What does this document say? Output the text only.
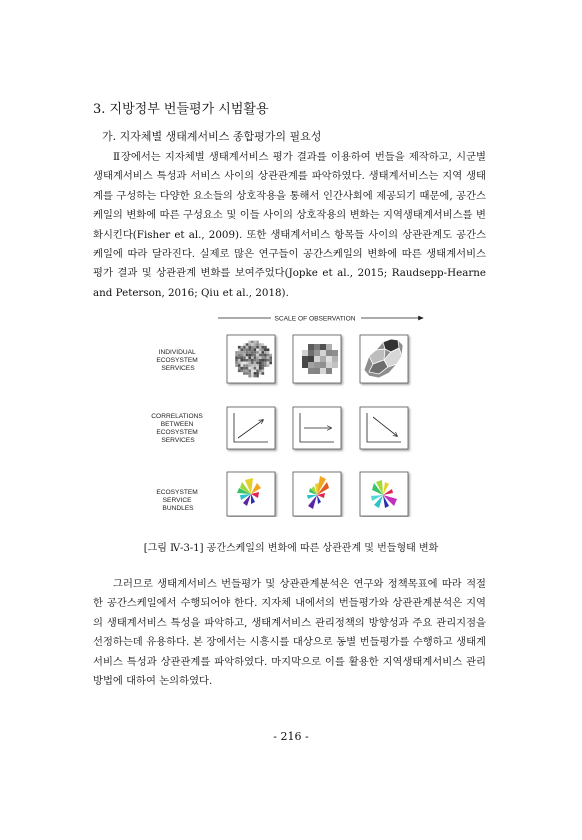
3. 지방정부 번들평가 시범활용
가. 지자체별 생태계서비스 종합평가의 필요성
Ⅱ장에서는 지자체별 생태계서비스 평가 결과를 이용하여 번들을 제작하고, 시군별 생태계서비스 특성과 서비스 사이의 상관관계를 파악하였다. 생태계서비스는 지역 생태계를 구성하는 다양한 요소들의 상호작용을 통해서 인간사회에 제공되기 때문에, 공간스케일의 변화에 따른 구성요소 및 이들 사이의 상호작용의 변화는 지역생태계서비스를 변화시킨다(Fisher et al., 2009). 또한 생태계서비스 항목들 사이의 상관관계도 공간스케일에 따라 달라진다. 실제로 많은 연구들이 공간스케일의 변화에 따른 생태계서비스 평가 결과 및 상관관계 변화를 보여주었다(Jopke et al., 2015; Raudsepp-Hearne and Peterson, 2016; Qiu et al., 2018).
SCALE OF OBSERVATION
INDIVIDUAL ECOSYSTEM SERVICES
CORRELATIONS BETWEEN ECOSYSTEM SERVICES
ECOSYSTEM SERVICE BUNDLES
[그림 Ⅳ-3-1] 공간스케일의 변화에 따른 상관관계 및 번들형태 변화
그러므로 생태계서비스 번들평가 및 상관관계분석은 연구와 정책목표에 따라 적절한 공간스케일에서 수행되어야 한다. 지자체 내에서의 번들평가와 상관관계분석은 지역의 생태계서비스 특성을 파악하고, 생태계서비스 관리정책의 방향성과 주요 관리지점을 선정하는데 유용하다. 본 장에서는 시흥시를 대상으로 동별 번들평가를 수행하고 생태계서비스 특성과 상관관계를 파악하였다. 마지막으로 이를 활용한 지역생태계서비스 관리방법에 대하여 논의하였다.
- 216 -
